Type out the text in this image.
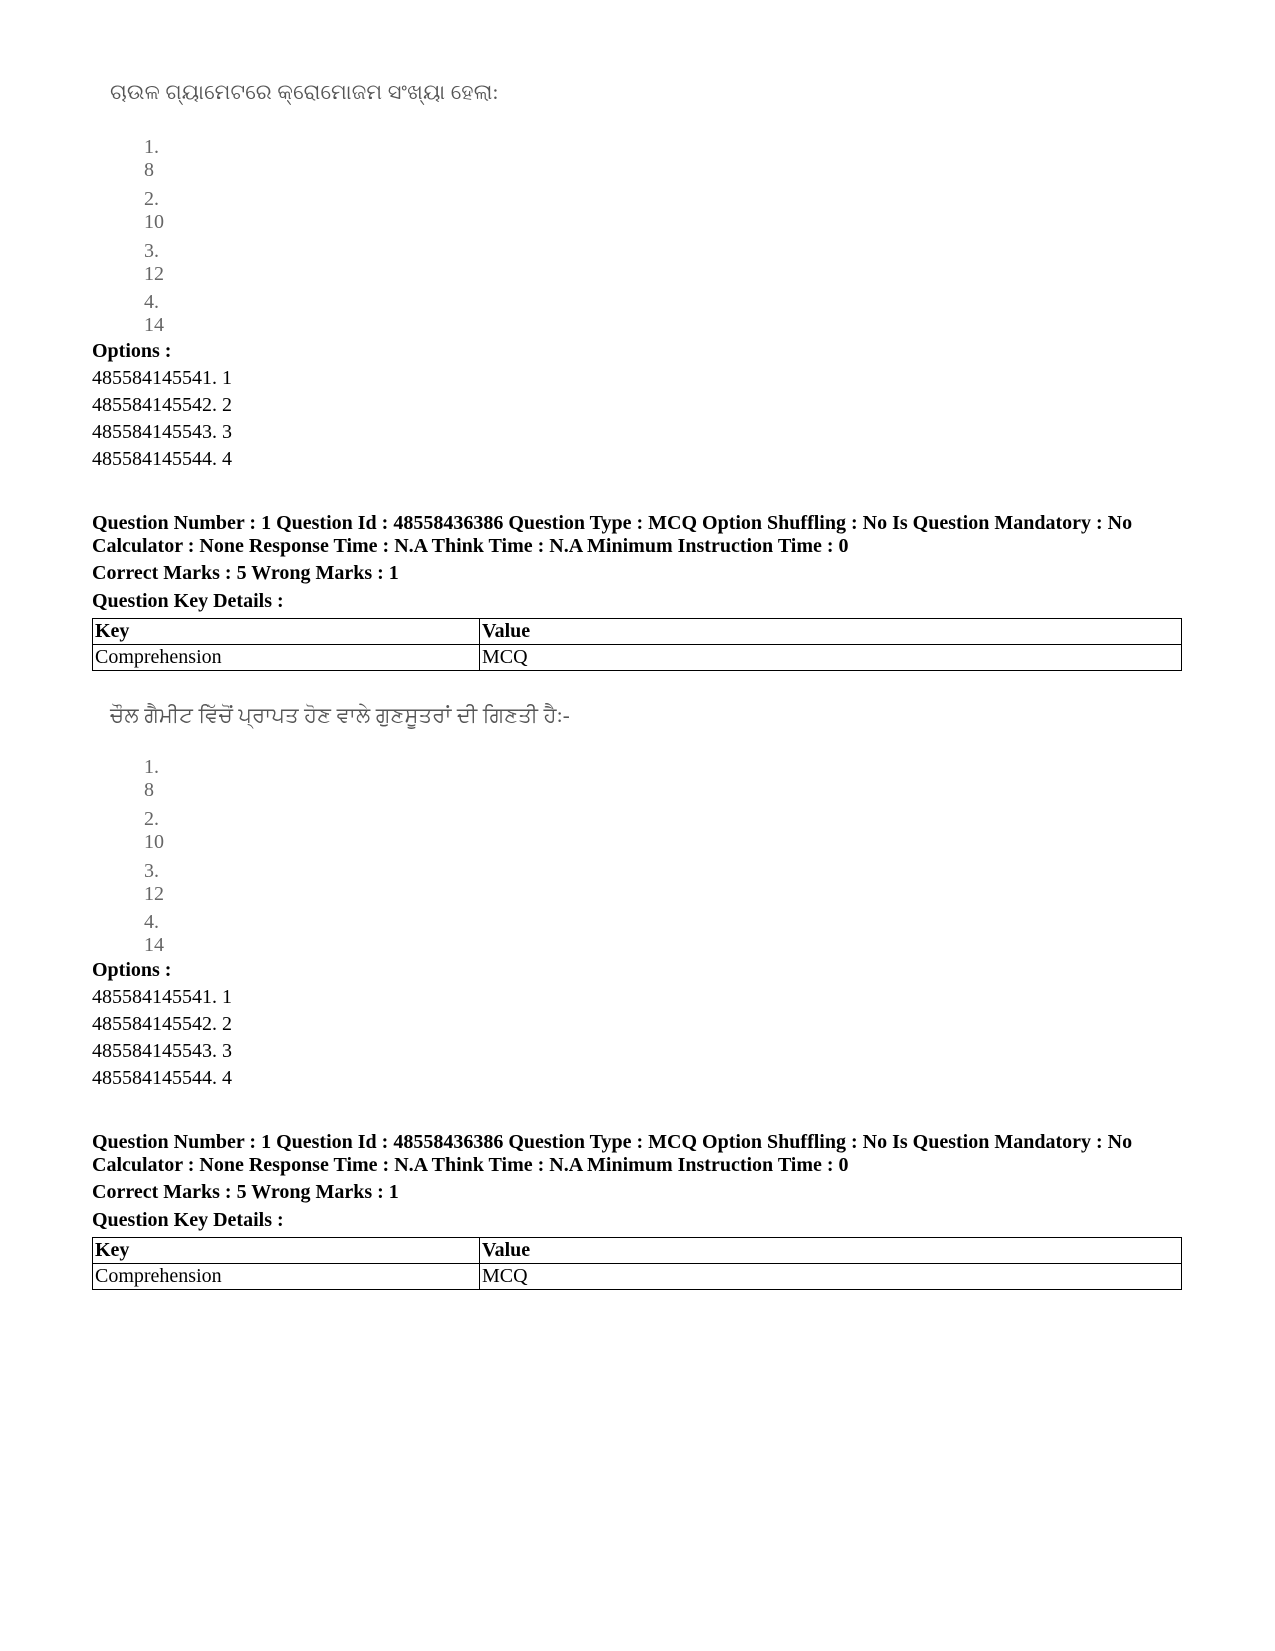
ଚାଉଳ ଗ୍ୟାମେଟରେ କ୍ରୋମୋଜମ ସଂଖ୍ୟା ହେଲା:
1. 8
2. 10
3. 12
4. 14
Options :
485584145541. 1
485584145542. 2
485584145543. 3
485584145544. 4
Question Number : 1 Question Id : 48558436386 Question Type : MCQ Option Shuffling : No Is Question Mandatory : No
Calculator : None Response Time : N.A Think Time : N.A Minimum Instruction Time : 0
Correct Marks : 5 Wrong Marks : 1
Question Key Details :
Key	Value
Comprehension	MCQ
ਚੌਲ ਗੈਮੀਟ ਵਿੱਚੋਂ ਪ੍ਰਾਪਤ ਹੋਣ ਵਾਲੇ ਗੁਣਸੂਤਰਾਂ ਦੀ ਗਿਣਤੀ ਹੈ:-
1. 8
2. 10
3. 12
4. 14
Options :
485584145541. 1
485584145542. 2
485584145543. 3
485584145544. 4
Question Number : 1 Question Id : 48558436386 Question Type : MCQ Option Shuffling : No Is Question Mandatory : No
Calculator : None Response Time : N.A Think Time : N.A Minimum Instruction Time : 0
Correct Marks : 5 Wrong Marks : 1
Question Key Details :
Key	Value
Comprehension	MCQ
